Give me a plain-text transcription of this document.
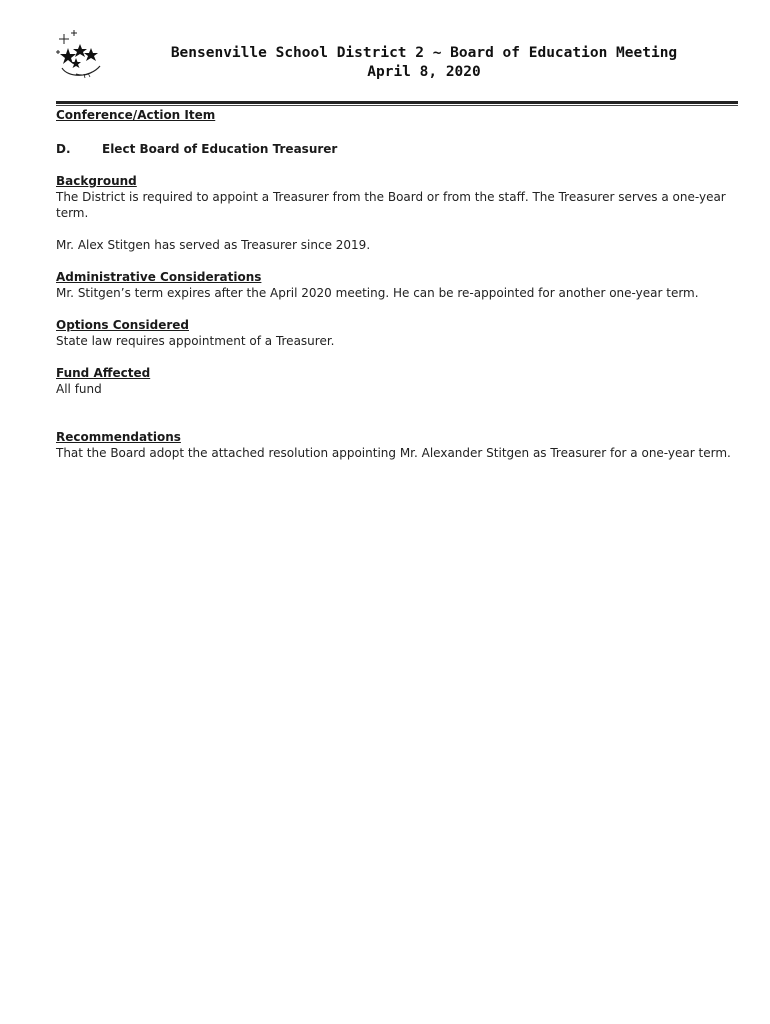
Bensenville School District 2 ~ Board of Education Meeting
April 8, 2020

Conference/Action Item

D.	Elect Board of Education Treasurer

Background

The District is required to appoint a Treasurer from the Board or from the staff. The Treasurer serves a one-year term.

Mr. Alex Stitgen has served as Treasurer since 2019.

Administrative Considerations

Mr. Stitgen’s term expires after the April 2020 meeting. He can be re-appointed for another one-year term.

Options Considered

State law requires appointment of a Treasurer.

Fund Affected

All fund

Recommendations

That the Board adopt the attached resolution appointing Mr. Alexander Stitgen as Treasurer for a one-year term.
